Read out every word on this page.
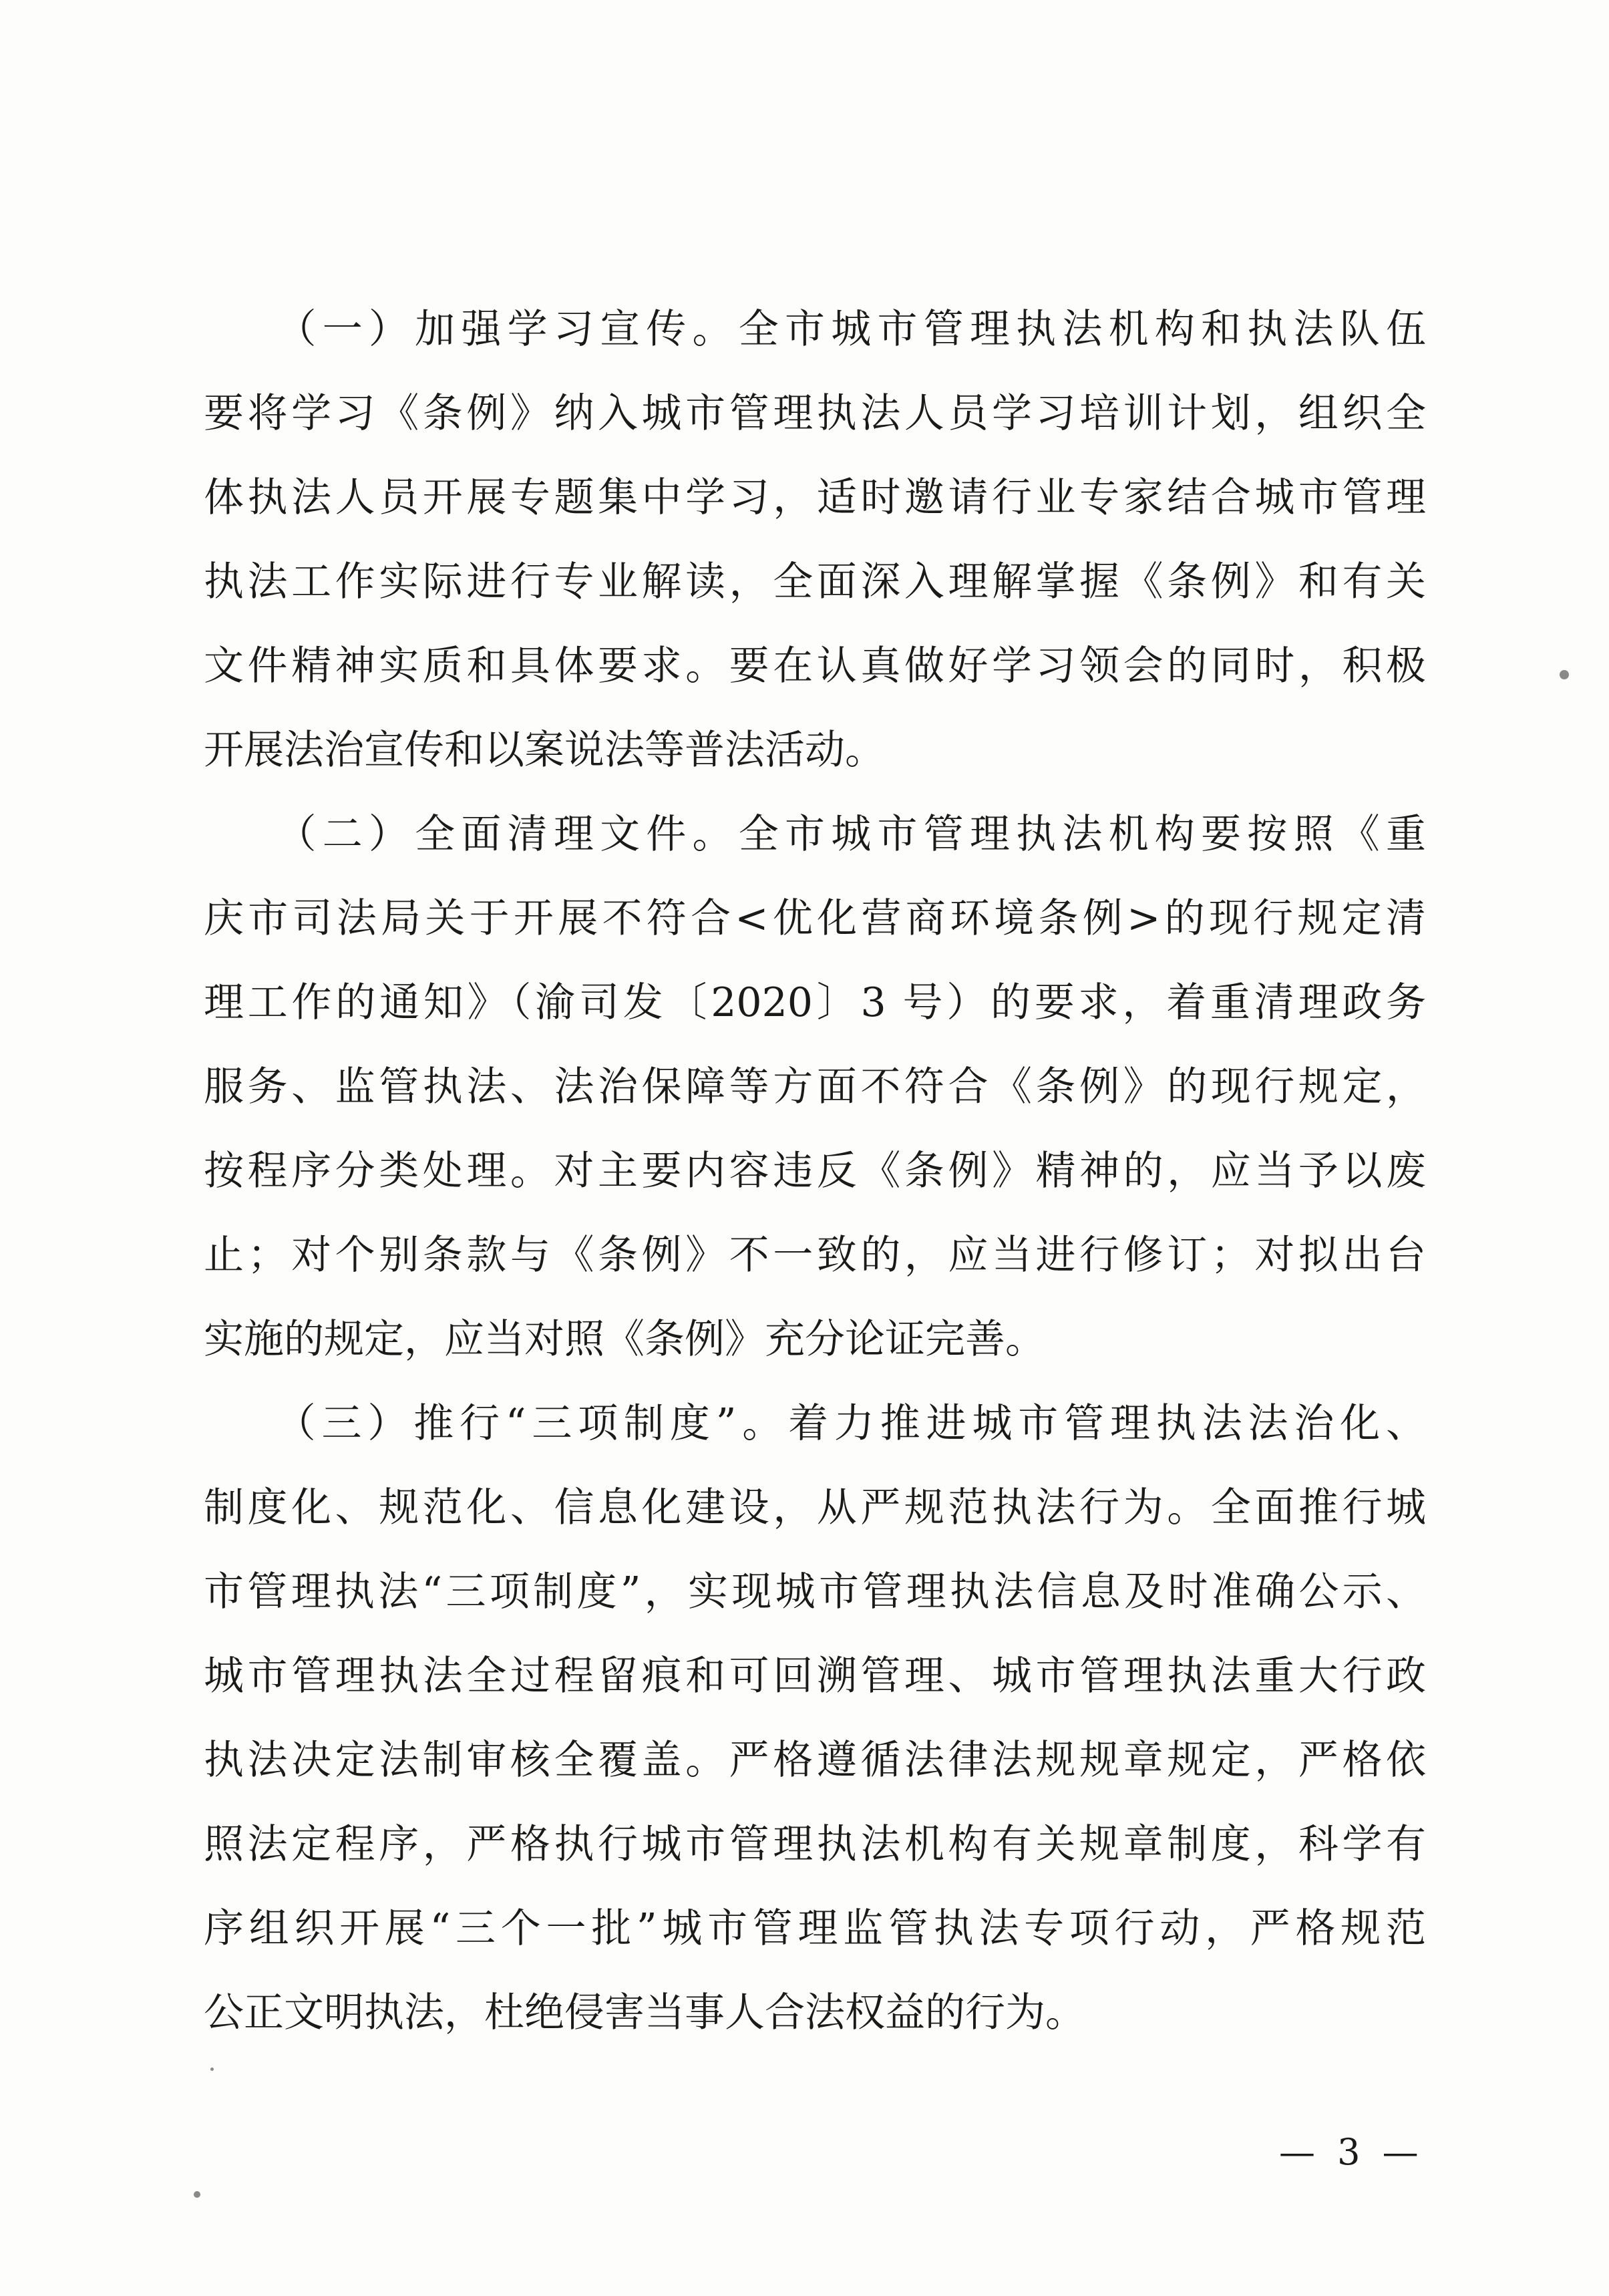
　　（一）加强学习宣传。全市城市管理执法机构和执法队伍
要将学习《条例》纳入城市管理执法人员学习培训计划，组织全
体执法人员开展专题集中学习，适时邀请行业专家结合城市管理
执法工作实际进行专业解读，全面深入理解掌握《条例》和有关
文件精神实质和具体要求。要在认真做好学习领会的同时，积极
开展法治宣传和以案说法等普法活动。
　　（二）全面清理文件。全市城市管理执法机构要按照《重
庆市司法局关于开展不符合<优化营商环境条例>的现行规定清
理工作的通知》（渝司发〔2020〕3 号）的要求，着重清理政务
服务、监管执法、法治保障等方面不符合《条例》的现行规定，
按程序分类处理。对主要内容违反《条例》精神的，应当予以废
止；对个别条款与《条例》不一致的，应当进行修订；对拟出台
实施的规定，应当对照《条例》充分论证完善。
　　（三）推行“三项制度”。着力推进城市管理执法法治化、
制度化、规范化、信息化建设，从严规范执法行为。全面推行城
市管理执法“三项制度”，实现城市管理执法信息及时准确公示、
城市管理执法全过程留痕和可回溯管理、城市管理执法重大行政
执法决定法制审核全覆盖。严格遵循法律法规规章规定，严格依
照法定程序，严格执行城市管理执法机构有关规章制度，科学有
序组织开展“三个一批”城市管理监管执法专项行动，严格规范
公正文明执法，杜绝侵害当事人合法权益的行为。
— 3 —
